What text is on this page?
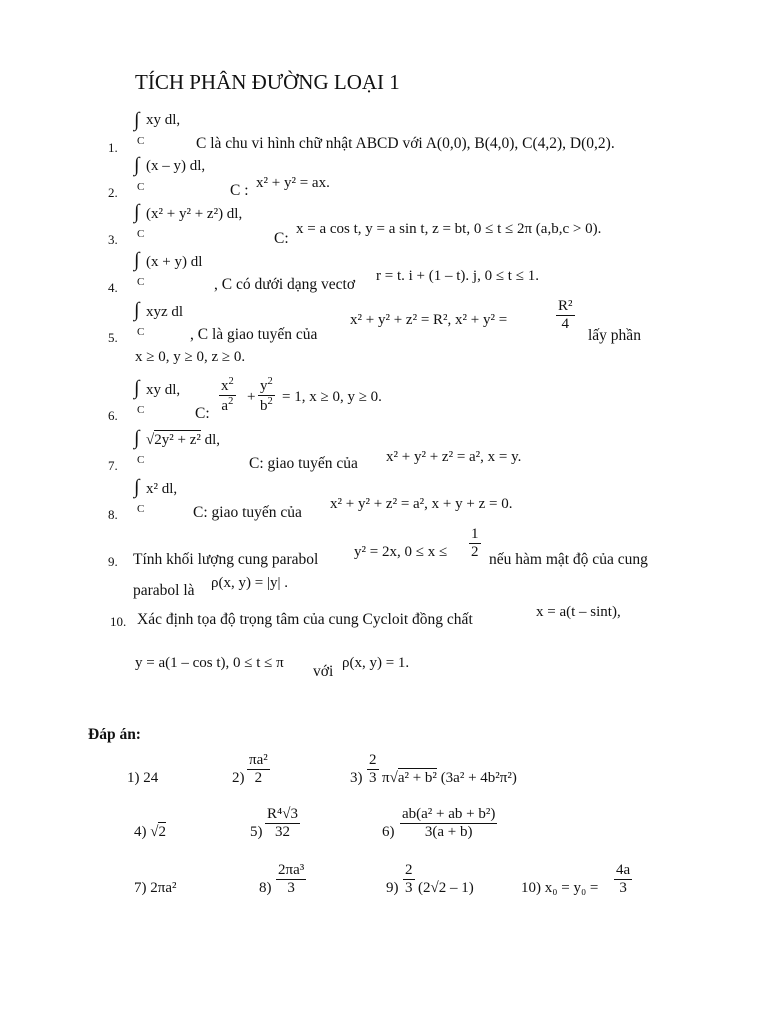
TÍCH PHÂN ĐƯỜNG LOẠI 1
1.
∫ xy dl,
C	C là chu vi hình chữ nhật ABCD với A(0,0), B(4,0), C(4,2), D(0,2).
2.
∫ (x – y) dl,
C	C : x² + y² = ax.
3.
∫ (x² + y² + z²) dl,
C	C:
x = a cos t, y = a sin t, z = bt, 0 ≤ t ≤ 2π (a,b,c > 0).
4.
∫ (x + y) dl
C	, C có dưới dạng vectơ r = t. i + (1 – t). j, 0 ≤ t ≤ 1.
5.
∫ xyz dl
C	, C là giao tuyến của
x² + y² + z² = R², x² + y² =	$\frac{\text{R²}}{4}$
lấy phần
x ≥ 0, y ≥ 0, z ≥ 0.
6.
∫ xy dl,
C	C: $\frac{x^2}{a^2} + \frac{y^2}{b^2} = 1$, x ≥ 0, y ≥ 0.
7.
∫ √2y² + z² dl,
C	C: giao tuyến của x² + y² + z² = a², x = y.
8.
∫ x² dl,
C	C: giao tuyến của x² + y² + z² = a², x + y + z = 0.
9. Tính khối lượng cung parabol y² = 2x, $0 \le x \le \frac{1}{2}$ nếu hàm mật độ của cung
parabol là ρ(x, y) = |y| .
10. Xác định tọa độ trọng tâm của cung Cycloit đồng chất	x = a(t – sint),
y = a(1 – cos t), 0 ≤ t ≤ π với ρ(x, y) = 1.
Đáp án:
1) 24	$2) \frac{\text{πa²}}{2}$	$3) \frac{2}{3} \pi√a^2 + b^2$ (3a² + 4b²π²)
4) √2	$5) \frac{\text{R⁴√3}}{32}$	$6) \frac{\text{ab(a² + ab + b²)}}{3(a + b)}$
7) 2πa²	$8) \frac{\text{2πa³}}{3}$	$9) \frac{2}{3} (2√2 - 1)$	10) $x_0 = y_0 = \frac{4a}{3}$
